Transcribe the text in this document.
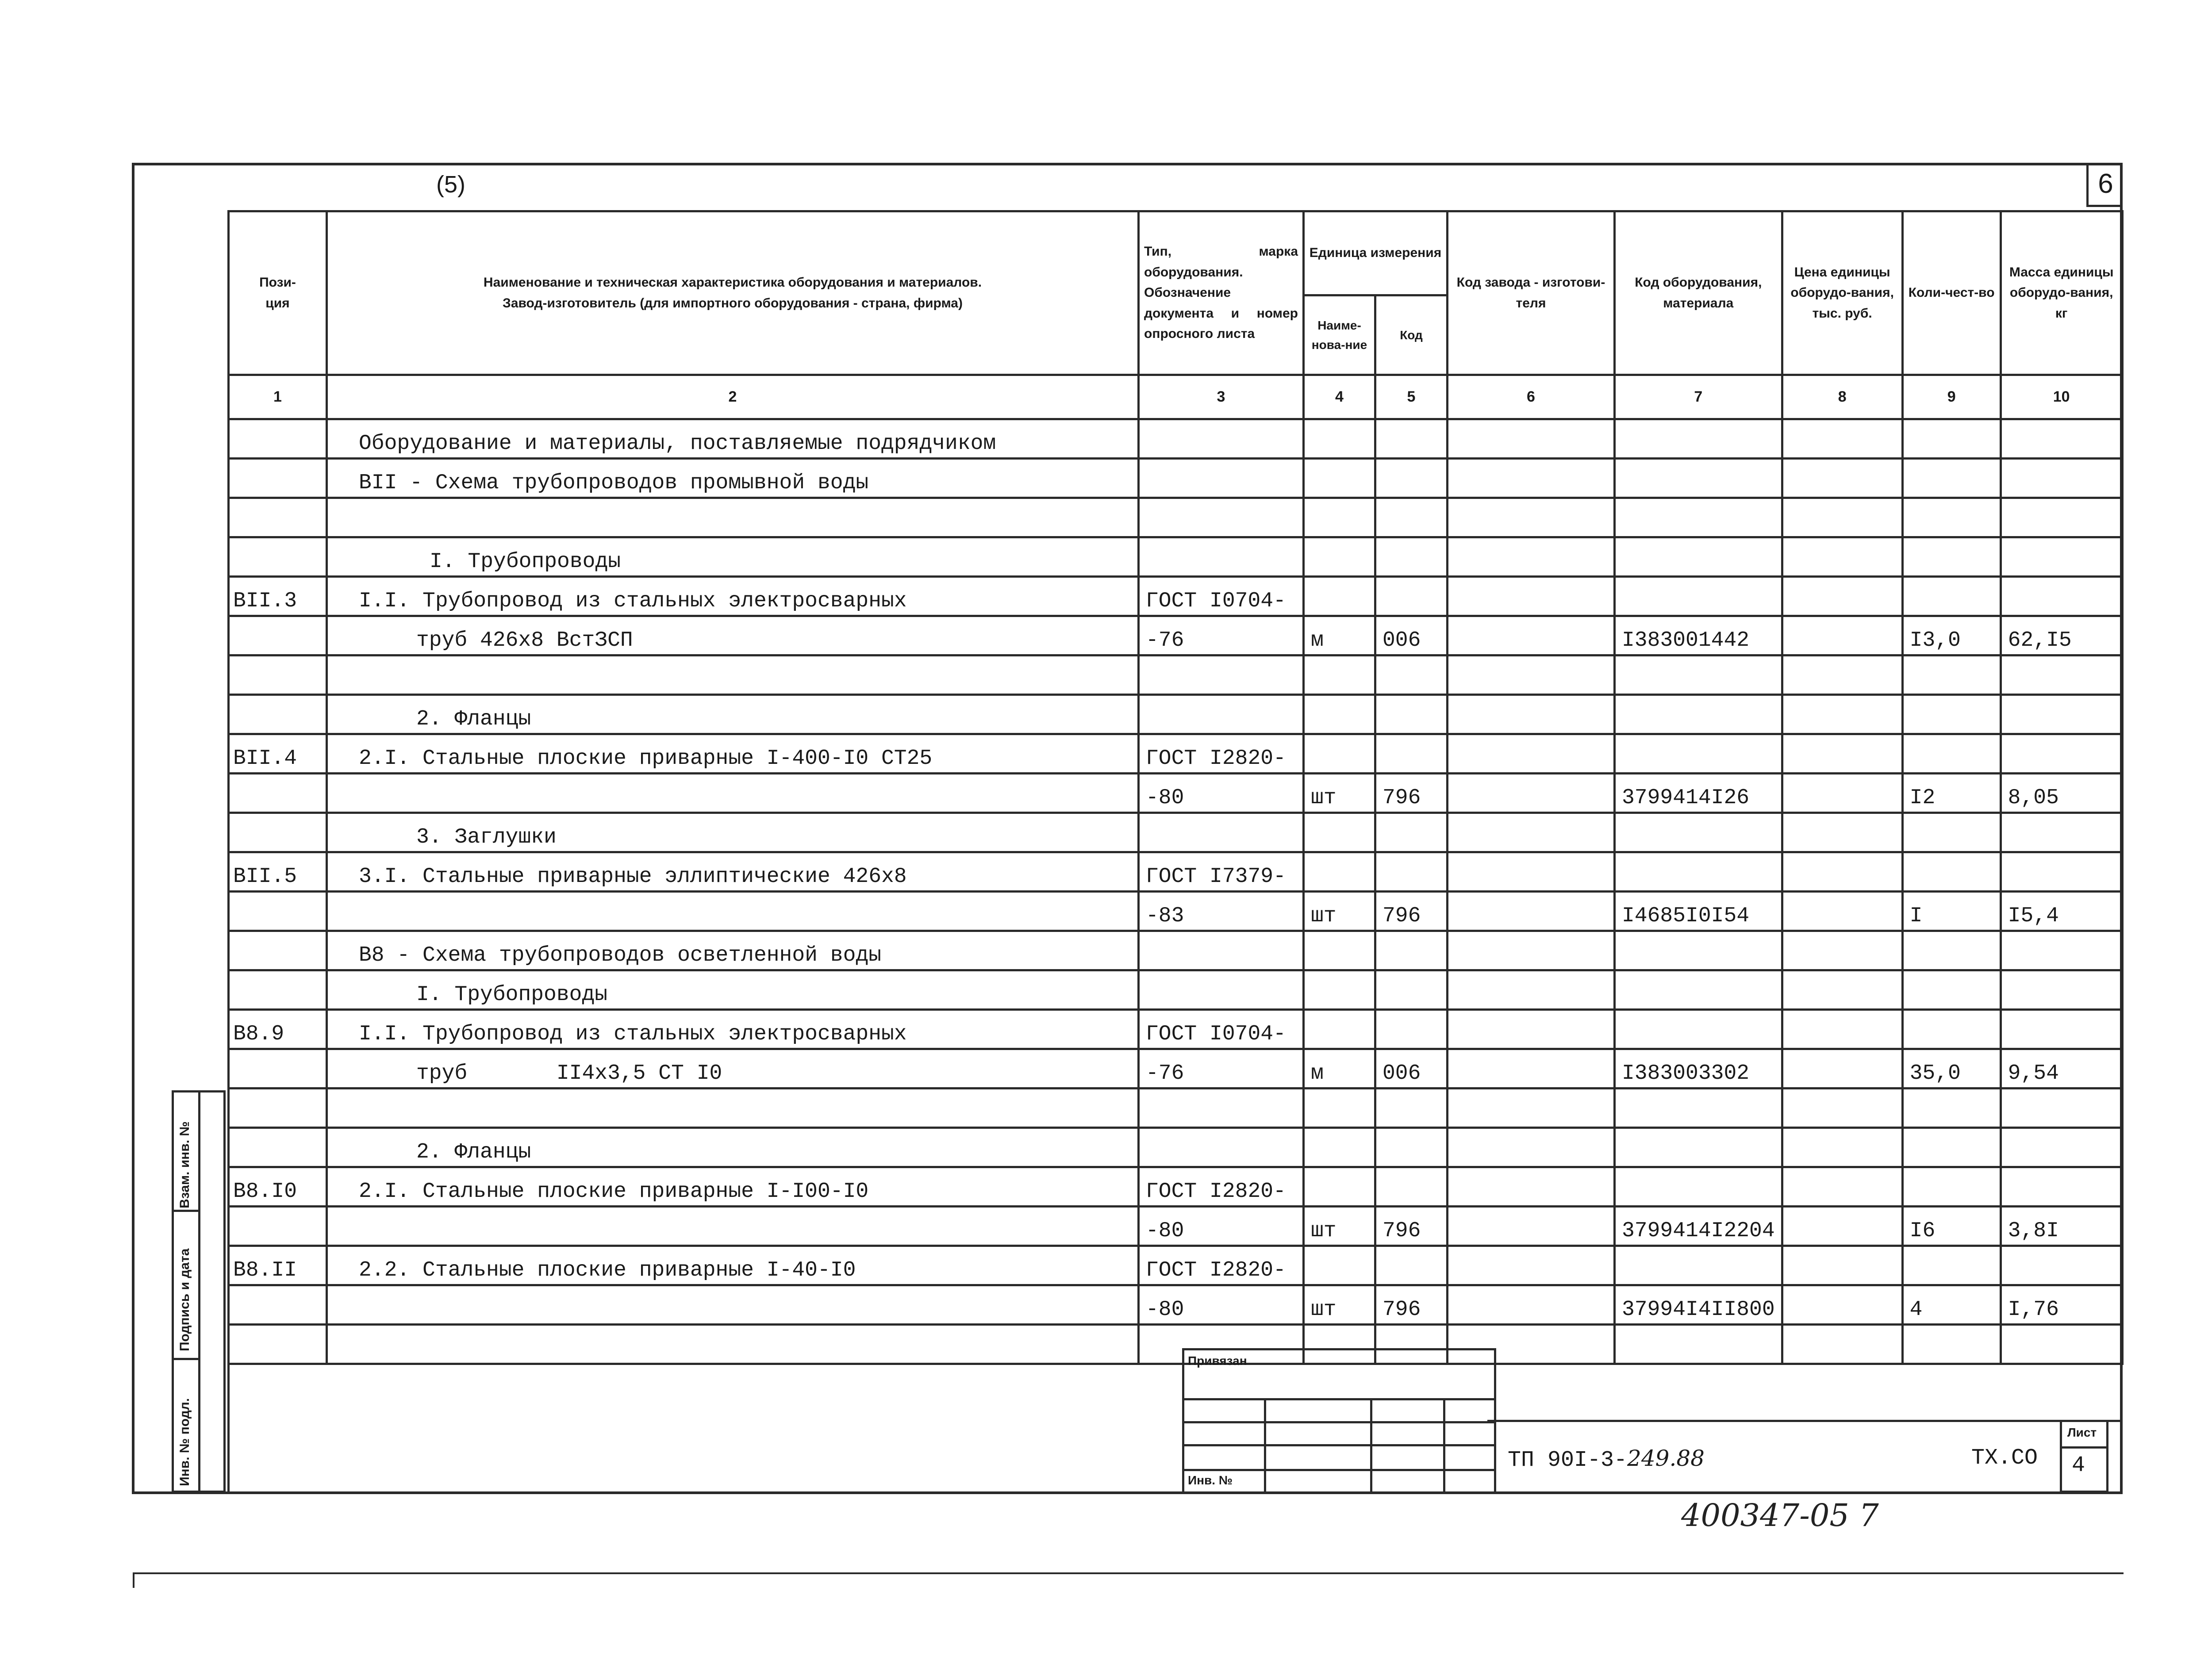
6
(5)
Пози-
ция	Наименование и техническая характеристика оборудования и материалов.
Завод-изготовитель (для импортного оборудования - страна, фирма)	Тип, марка оборудования. Обозначение документа и номер опросного листа	Единица измерения		Код завода - изготови-теля	Код оборудования, материала	Цена единицы оборудо-вания, тыс. руб.	Коли-чест-во	Масса единицы оборудо-вания, кг
			Наиме-нова-ние	Код					
1	2	3	4	5	6	7	8	9	10
	Оборудование и материалы, поставляемые подрядчиком								
	ВII - Схема трубопроводов промывной воды								

	I. Трубопроводы								
ВII.3	I.I. Трубопровод из стальных электросварных	ГОСТ I0704-							
	труб 426х8 ВстЗСП	-76	м	006		I383001442		I3,0	62,I5

	2. Фланцы								
ВII.4	2.I. Стальные плоские приварные I-400-I0 СТ25	ГОСТ I2820-							
		-80	шт	796		3799414I26		I2	8,05
	3. Заглушки								
ВII.5	3.I. Стальные приварные эллиптические 426х8	ГОСТ I7379-							
		-83	шт	796		I4685I0I54		I	I5,4
	В8 - Схема трубопроводов осветленной воды								
	I. Трубопроводы								
В8.9	I.I. Трубопровод из стальных электросварных	ГОСТ I0704-							
	труб       II4х3,5 СТ I0	-76	м	006		I383003302		35,0	9,54

	2. Фланцы								
В8.I0	2.I. Стальные плоские приварные I-I00-I0	ГОСТ I2820-							
		-80	шт	796		3799414I2204		I6	3,8I
В8.II	2.2. Стальные плоские приварные I-40-I0	ГОСТ I2820-							
		-80	шт	796		37994I4II800		4	I,76

Взам. инв. №
Подпись и дата
Инв. № подл.
Привязан
Инв. №
ТП 90I-3-249.88	ТХ.СО
Лист
4
400347-05 7
